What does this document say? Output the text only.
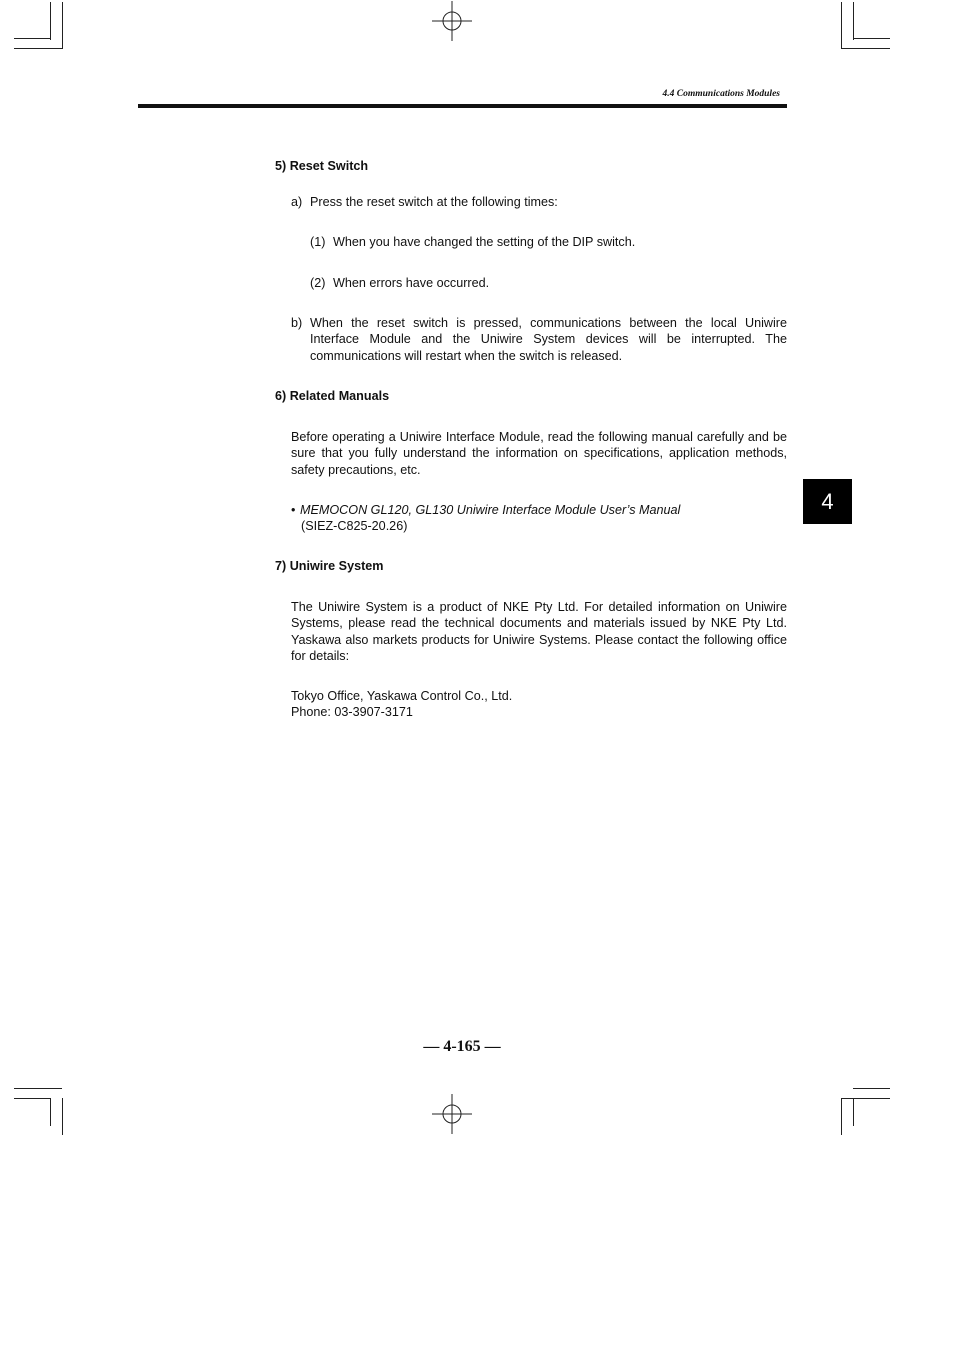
4.4 Communications Modules
4
5) Reset Switch
a) Press the reset switch at the following times:
(1) When you have changed the setting of the DIP switch.
(2) When errors have occurred.
b) When the reset switch is pressed, communications between the local Uniwire Interface Module and the Uniwire System devices will be interrupted. The communications will restart when the switch is released.
6) Related Manuals
Before operating a Uniwire Interface Module, read the following manual carefully and be sure that you fully understand the information on specifications, application methods, safety precautions, etc.
• MEMOCON GL120, GL130 Uniwire Interface Module User’s Manual
(SIEZ-C825-20.26)
7) Uniwire System
The Uniwire System is a product of NKE Pty Ltd. For detailed information on Uniwire Systems, please read the technical documents and materials issued by NKE Pty Ltd. Yaskawa also markets products for Uniwire Systems. Please contact the following office for details:
Tokyo Office, Yaskawa Control Co., Ltd.
Phone: 03-3907-3171
— 4-165 —
